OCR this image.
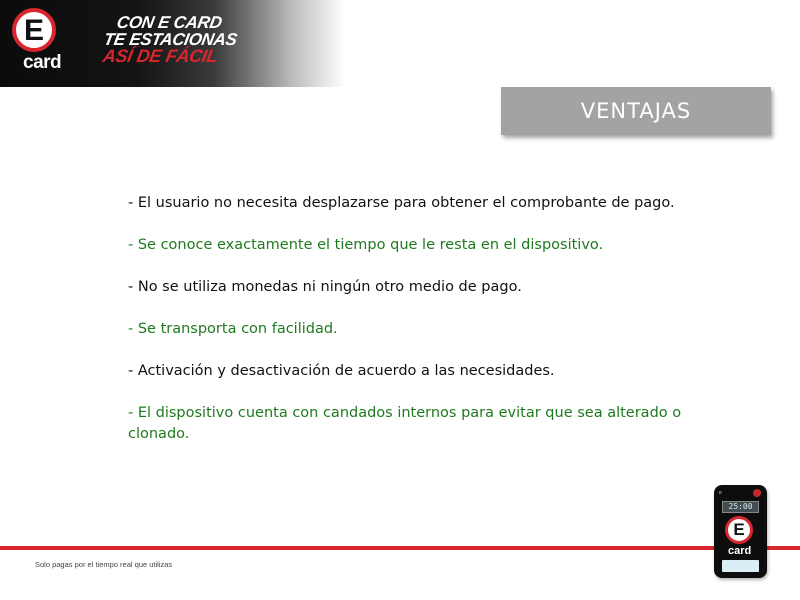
E
card
CON E CARD
TE ESTACIONAS
ASÍ DE FÁCIL
VENTAJAS
- El usuario no necesita desplazarse para obtener el comprobante de pago.
- Se conoce exactamente el tiempo que le resta en el dispositivo.
- No se utiliza monedas ni ningún otro medio de pago.
- Se transporta con facilidad.
- Activación y desactivación de acuerdo a las necesidades.
- El dispositivo cuenta con candados internos para evitar que sea alterado o clonado.
Solo pagas por el tiempo real que utilizas
e
25:00
E
card
